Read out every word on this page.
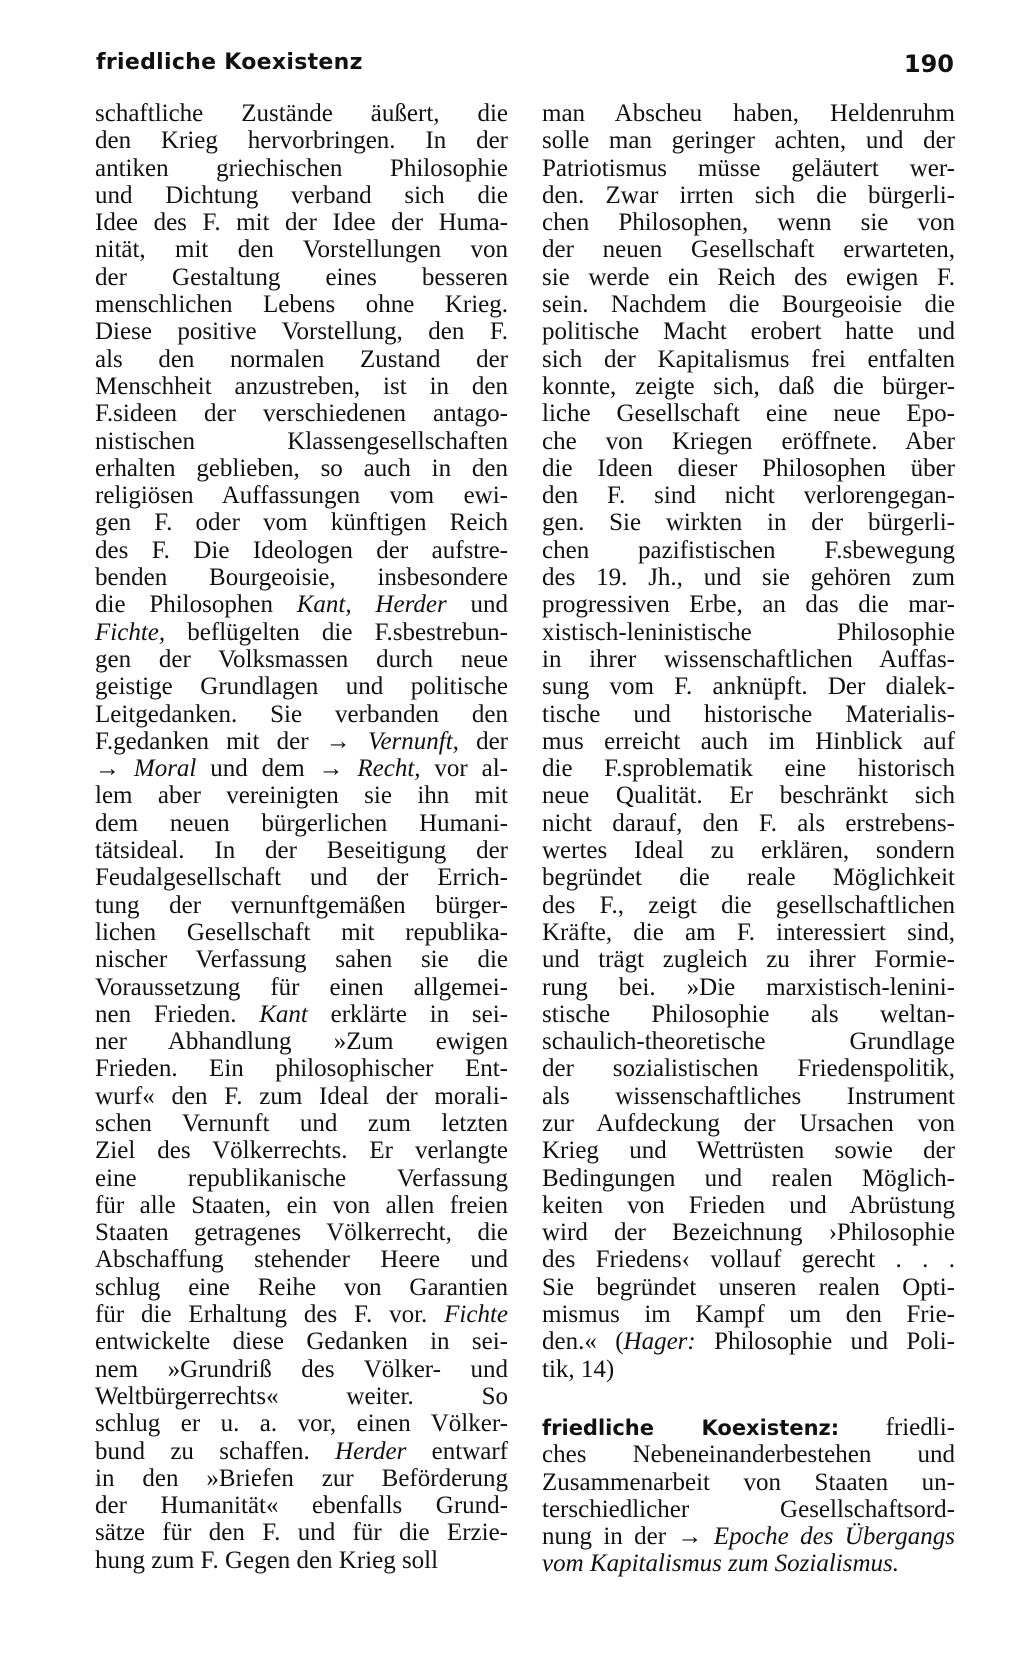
friedliche Koexistenz	190
schaftliche Zustände äußert, die
den Krieg hervorbringen. In der
antiken griechischen Philosophie
und Dichtung verband sich die
Idee des F. mit der Idee der Huma-
nität, mit den Vorstellungen von
der Gestaltung eines besseren
menschlichen Lebens ohne Krieg.
Diese positive Vorstellung, den F.
als den normalen Zustand der
Menschheit anzustreben, ist in den
F.sideen der verschiedenen antago-
nistischen Klassengesellschaften
erhalten geblieben, so auch in den
religiösen Auffassungen vom ewi-
gen F. oder vom künftigen Reich
des F. Die Ideologen der aufstre-
benden Bourgeoisie, insbesondere
die Philosophen Kant, Herder und
Fichte, beflügelten die F.sbestrebun-
gen der Volksmassen durch neue
geistige Grundlagen und politische
Leitgedanken. Sie verbanden den
F.gedanken mit der → Vernunft, der
→ Moral und dem → Recht, vor al-
lem aber vereinigten sie ihn mit
dem neuen bürgerlichen Humani-
tätsideal. In der Beseitigung der
Feudalgesellschaft und der Errich-
tung der vernunftgemäßen bürger-
lichen Gesellschaft mit republika-
nischer Verfassung sahen sie die
Voraussetzung für einen allgemei-
nen Frieden. Kant erklärte in sei-
ner Abhandlung »Zum ewigen
Frieden. Ein philosophischer Ent-
wurf« den F. zum Ideal der morali-
schen Vernunft und zum letzten
Ziel des Völkerrechts. Er verlangte
eine republikanische Verfassung
für alle Staaten, ein von allen freien
Staaten getragenes Völkerrecht, die
Abschaffung stehender Heere und
schlug eine Reihe von Garantien
für die Erhaltung des F. vor. Fichte
entwickelte diese Gedanken in sei-
nem »Grundriß des Völker- und
Weltbürgerrechts« weiter. So
schlug er u. a. vor, einen Völker-
bund zu schaffen. Herder entwarf
in den »Briefen zur Beförderung
der Humanität« ebenfalls Grund-
sätze für den F. und für die Erzie-
hung zum F. Gegen den Krieg soll
man Abscheu haben, Heldenruhm
solle man geringer achten, und der
Patriotismus müsse geläutert wer-
den. Zwar irrten sich die bürgerli-
chen Philosophen, wenn sie von
der neuen Gesellschaft erwarteten,
sie werde ein Reich des ewigen F.
sein. Nachdem die Bourgeoisie die
politische Macht erobert hatte und
sich der Kapitalismus frei entfalten
konnte, zeigte sich, daß die bürger-
liche Gesellschaft eine neue Epo-
che von Kriegen eröffnete. Aber
die Ideen dieser Philosophen über
den F. sind nicht verlorengegan-
gen. Sie wirkten in der bürgerli-
chen pazifistischen F.sbewegung
des 19. Jh., und sie gehören zum
progressiven Erbe, an das die mar-
xistisch-leninistische Philosophie
in ihrer wissenschaftlichen Auffas-
sung vom F. anknüpft. Der dialek-
tische und historische Materialis-
mus erreicht auch im Hinblick auf
die F.sproblematik eine historisch
neue Qualität. Er beschränkt sich
nicht darauf, den F. als erstrebens-
wertes Ideal zu erklären, sondern
begründet die reale Möglichkeit
des F., zeigt die gesellschaftlichen
Kräfte, die am F. interessiert sind,
und trägt zugleich zu ihrer Formie-
rung bei. »Die marxistisch-lenini-
stische Philosophie als weltan-
schaulich-theoretische Grundlage
der sozialistischen Friedenspolitik,
als wissenschaftliches Instrument
zur Aufdeckung der Ursachen von
Krieg und Wettrüsten sowie der
Bedingungen und realen Möglich-
keiten von Frieden und Abrüstung
wird der Bezeichnung ›Philosophie
des Friedens‹ vollauf gerecht . . .
Sie begründet unseren realen Opti-
mismus im Kampf um den Frie-
den.« (Hager: Philosophie und Poli-
tik, 14)
friedliche Koexistenz: friedli-
ches Nebeneinanderbestehen und
Zusammenarbeit von Staaten un-
terschiedlicher Gesellschaftsord-
nung in der → Epoche des Übergangs
vom Kapitalismus zum Sozialismus.
